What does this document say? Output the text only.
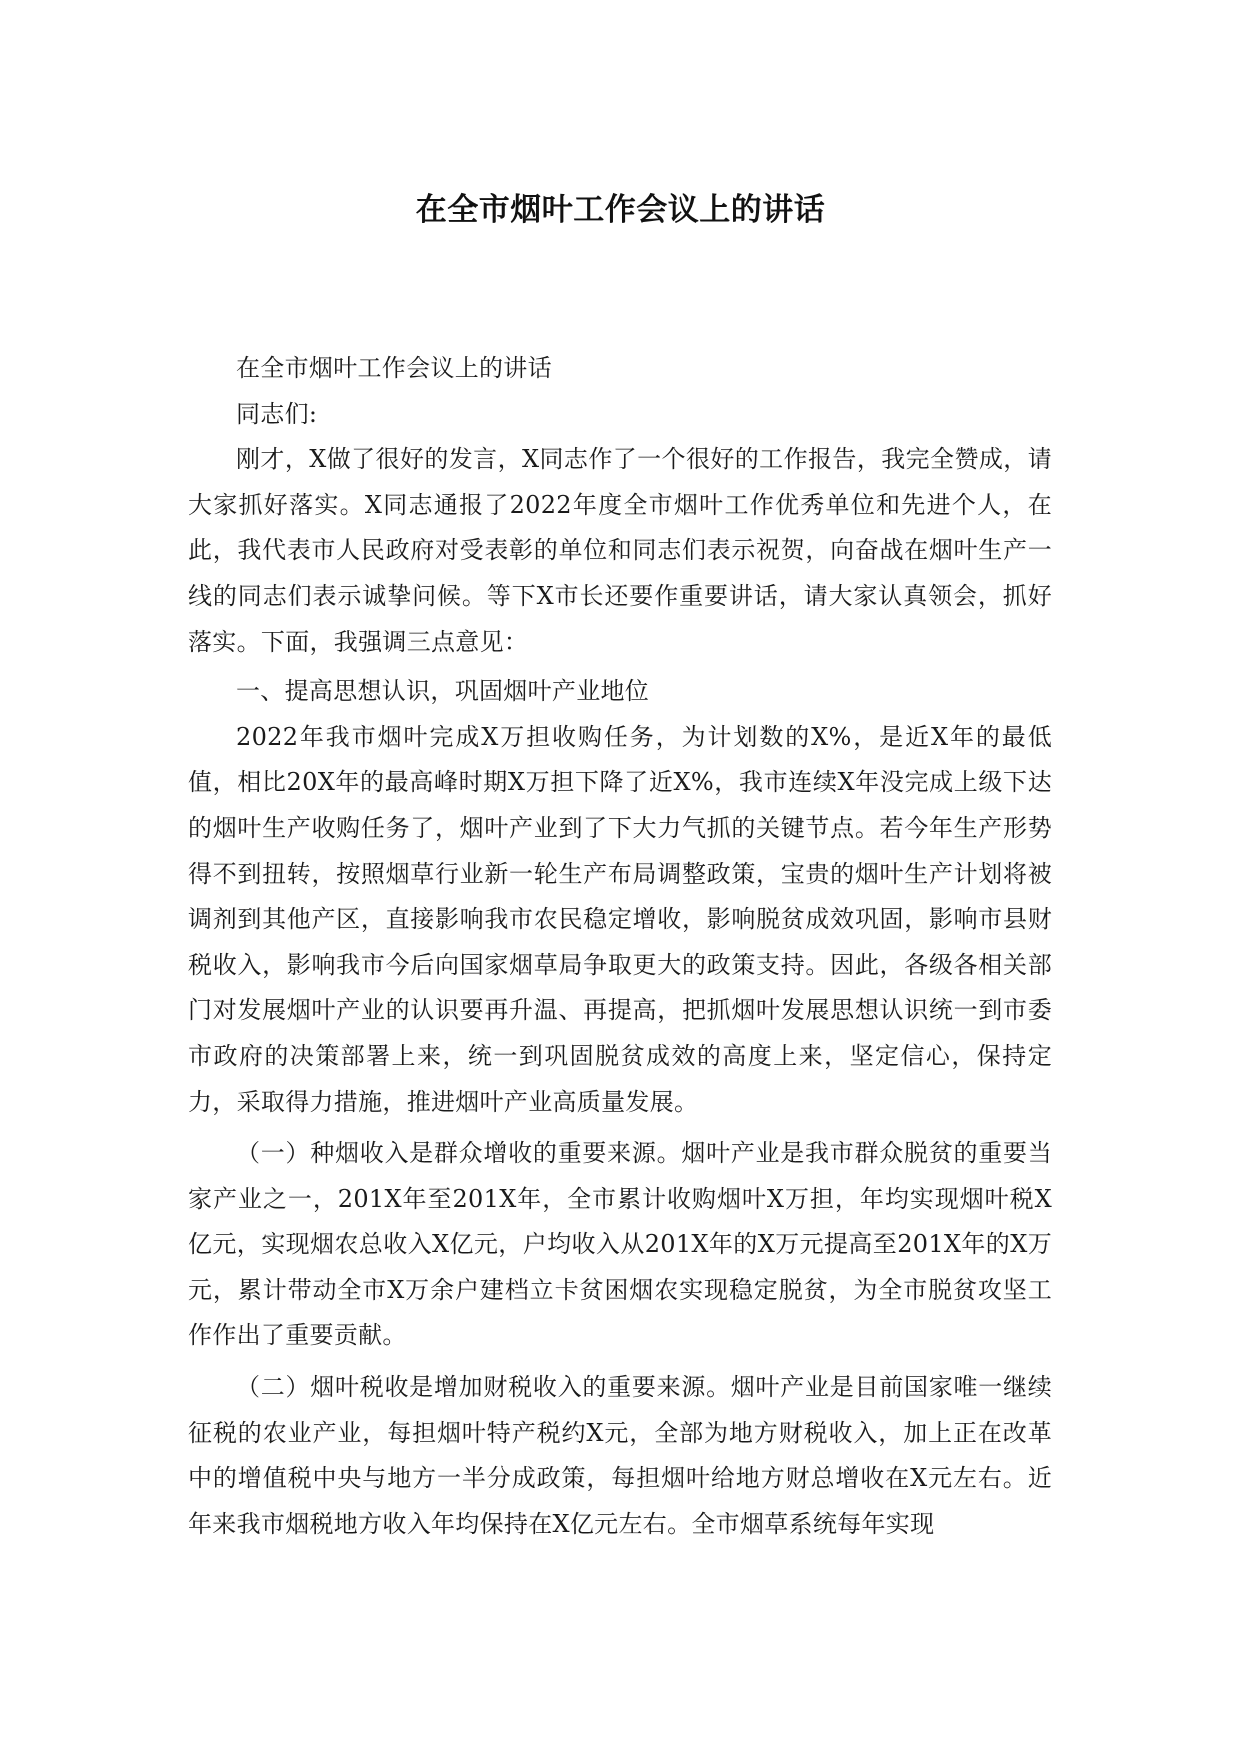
在全市烟叶工作会议上的讲话

在全市烟叶工作会议上的讲话

同志们:

刚才，X做了很好的发言，X同志作了一个很好的工作报告，我完全赞成，请大家抓好落实。X同志通报了2022年度全市烟叶工作优秀单位和先进个人，在此，我代表市人民政府对受表彰的单位和同志们表示祝贺，向奋战在烟叶生产一线的同志们表示诚挚问候。等下X市长还要作重要讲话，请大家认真领会，抓好落实。下面，我强调三点意见：

一、提高思想认识，巩固烟叶产业地位

2022年我市烟叶完成X万担收购任务，为计划数的X%，是近X年的最低值，相比20X年的最高峰时期X万担下降了近X%，我市连续X年没完成上级下达的烟叶生产收购任务了，烟叶产业到了下大力气抓的关键节点。若今年生产形势得不到扭转，按照烟草行业新一轮生产布局调整政策，宝贵的烟叶生产计划将被调剂到其他产区，直接影响我市农民稳定增收，影响脱贫成效巩固，影响市县财税收入，影响我市今后向国家烟草局争取更大的政策支持。因此，各级各相关部门对发展烟叶产业的认识要再升温、再提高，把抓烟叶发展思想认识统一到市委市政府的决策部署上来，统一到巩固脱贫成效的高度上来，坚定信心，保持定力，采取得力措施，推进烟叶产业高质量发展。

（一）种烟收入是群众增收的重要来源。烟叶产业是我市群众脱贫的重要当家产业之一，201X年至201X年，全市累计收购烟叶X万担，年均实现烟叶税X亿元，实现烟农总收入X亿元，户均收入从201X年的X万元提高至201X年的X万元，累计带动全市X万余户建档立卡贫困烟农实现稳定脱贫，为全市脱贫攻坚工作作出了重要贡献。

（二）烟叶税收是增加财税收入的重要来源。烟叶产业是目前国家唯一继续征税的农业产业，每担烟叶特产税约X元，全部为地方财税收入，加上正在改革中的增值税中央与地方一半分成政策，每担烟叶给地方财总增收在X元左右。近年来我市烟税地方收入年均保持在X亿元左右。全市烟草系统每年实现
